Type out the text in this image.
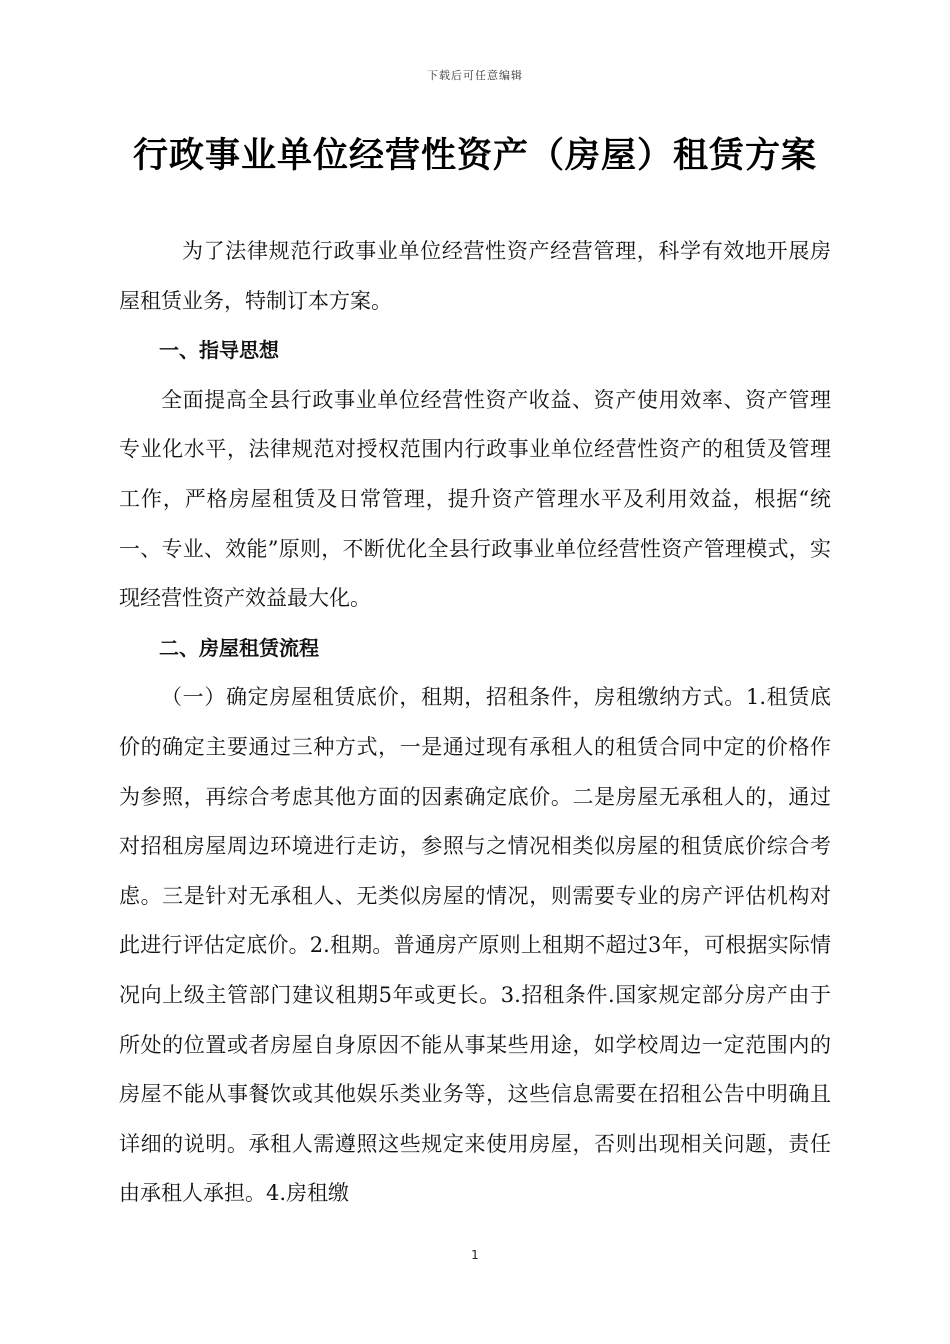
下载后可任意编辑
行政事业单位经营性资产（房屋）租赁方案

为了法律规范行政事业单位经营性资产经营管理，科学有效地开展房屋租赁业务，特制订本方案。

一、指导思想

全面提高全县行政事业单位经营性资产收益、资产使用效率、资产管理专业化水平，法律规范对授权范围内行政事业单位经营性资产的租赁及管理工作，严格房屋租赁及日常管理，提升资产管理水平及利用效益，根据“统一、专业、效能”原则，不断优化全县行政事业单位经营性资产管理模式，实现经营性资产效益最大化。

二、房屋租赁流程

（一）确定房屋租赁底价，租期，招租条件，房租缴纳方式。1.租赁底价的确定主要通过三种方式，一是通过现有承租人的租赁合同中定的价格作为参照，再综合考虑其他方面的因素确定底价。二是房屋无承租人的，通过对招租房屋周边环境进行走访，参照与之情况相类似房屋的租赁底价综合考虑。三是针对无承租人、无类似房屋的情况，则需要专业的房产评估机构对此进行评估定底价。2.租期。普通房产原则上租期不超过3年，可根据实际情况向上级主管部门建议租期5年或更长。3.招租条件.国家规定部分房产由于所处的位置或者房屋自身原因不能从事某些用途，如学校周边一定范围内的房屋不能从事餐饮或其他娱乐类业务等，这些信息需要在招租公告中明确且详细的说明。承租人需遵照这些规定来使用房屋，否则出现相关问题，责任由承租人承担。4.房租缴

1
